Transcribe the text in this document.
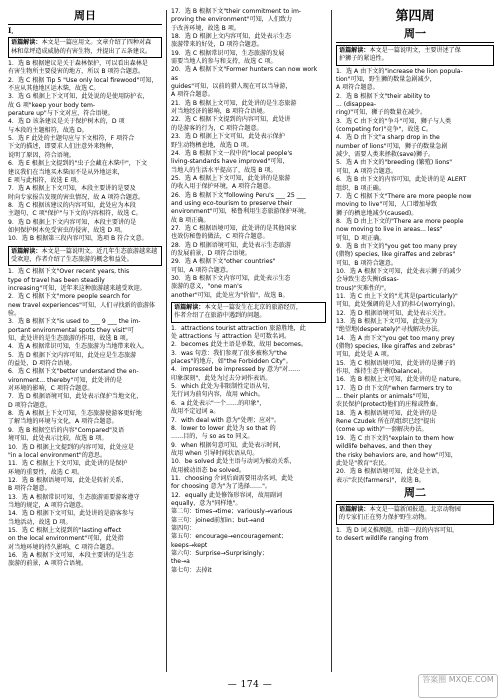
周日
I．
语篇解读：本文是一篇应用文。文章介绍了四种对森
林和草坪造成威胁的有害生物，并提出了五条建议。
1．选 B 根据建议是关于森林保护，可以看出森林是
有害生物所主要侵害的地方，所以 B 项符合题意。
2．选 C 根据 Tip 5 "Use only local firewood"可知，
不应从其他地区运木柴，故选 C。
3．选 G 根据上下文可知，此处说的是使用防护衣，
故 G 项"keep your body tem-
perature up"与下文对应，符合语境。
4．选 D 该条建议是关于保护树木的，D 项
与本段的主题相符，故选 D。
5．选 F 此处的主题句应与下文相符，F 项符合
下文的描述，即要求人们注意外来物种，
说明了原因，符合语境。
6．选 E 根据上文提到的"虫子会藏在木柴中"，下文
建议我们在当地买木柴而不是从外地运来，
E 项与此相符，故选 E 项。
7．选 A 根据上下文可知，本段主要讲的是要及
时向专家报告发现的害虫情况，故 A 项符合题意。
8．选 C 根据该建议的内容可知，此处应为本段
主题句，C 项"保护"与下文的内容相符，故选 C。
9．选 D 根据上下文内容可知，本段主要讲的是
如何保护树木免受害虫的侵害，故选 D 项。
10．选 B 根据第三段内容可知，选项 B 符合文意。
语篇解读：本文是一篇说明文。近几年生态旅游越来越
受欢迎，作者介绍了生态旅游的概念和益处。
1．选 C 根据下文"Over recent years, this
type of travel has been steadily
increasing"可知，近年来这种旅游越来越受欢迎。
2．选 C 根据下文"more people search for
new travel experiences"可知，人们寻找新的旅游体验。
3．选 B 根据下文"is used to ___ 9 ___ the im-
portant environmental spots they visit"可
知，此处讲的是生态旅游的作用，故选 B 项。
4．选 A 根据常识可知，生态旅游为当地带来收入。
5．选 D 根据下文内容可知，此处应是生态旅游
的益处，D 项符合语境。
6．选 C 根据下文"better understand the en-
vironment... thereby"可知，此处讲的是
对环境的影响，C 项符合题意。
7．选 D 根据语境可知，此处表示保护当地文化，
D 项符合题意。
8．选 A 根据上下文可知，生态旅游使游客更好地
了解当地的环境与文化，A 项符合题意。
9．选 B 根据空后的内容"Compared"及语
境可知，此处表示比较，故选 B 项。
10．选 D 根据上文提到的内容可知，此处应是
"in a local environment"的意思。
11．选 C 根据上下文可知，此处讲的是保护
环境的重要性，故选 C 项。
12．选 B 根据语境可知，此处是转折关系，
B 项符合题意。
13．选 A 根据常识可知，生态旅游需要游客遵守
当地的规定，A 项符合题意。
14．选 D 根据下文可知，此处讲的是游客参与
当地活动，故选 D 项。
15．选 C 根据上文提到的"lasting effect
on the local environment"可知，此处指
对当地环境的持久影响，C 项符合题意。
16．选 A 根据下文可知，本段主要讲的是生态
旅游的前景，A 项符合语境。
17．选 B 根据下文"their commitment to im-
proving the environment"可知，人们致力
于改善环境，故选 B 项。
18．选 D 根据上文内容可知，此处表示生态
旅游带来的好处，D 项符合题意。
19．选 C 根据常识可知，生态旅游的发展
需要当地人的参与和支持，故选 C 项。
20．选 A 根据下文"Former hunters can now work as
guides"可知，以前的猎人现在可以当导游，
A 项符合题意。
21．选 B 根据上文可知，此处讲的是生态旅游
对当地经济的影响，B 项符合语境。
22．选 C 根据下文提到的内容可知，此处讲
的是游客的行为，C 项符合题意。
23．选 D 根据上下文可知，此处表示保护
野生动物栖息地，故选 D 项。
24．选 B 根据下文一段中的"local people's
living-standards have improved"可知，
当地人的生活水平提高了，故选 B 项。
25．选 A 根据上下文可知，此处讲的是旅游
的收入用于保护环境，A 项符合题意。
26．选 B 根据下文"following Peru's ___ 25 ___
and using eco-tourism to preserve their
environment"可知，秘鲁利用生态旅游保护环境，
故 B 项正确。
27．选 C 根据语境可知，此处讲的是其他国家
也效仿秘鲁的做法，C 项符合题意。
28．选 D 根据语境可知，此处表示生态旅游
的发展前景，D 项符合语境。
29．选 A 根据下文"other countries"
可知，A 项符合题意。
30．选 B 根据下文内容可知，此处表示生态
旅游的意义，"one man's
another"可知，此处应为"价值"，故选 B。
语篇解读：本文是一篇发生在北京的旅游经历，
作者介绍了在旅游中遇到的问题。
1．attractions tourist attraction 旅游胜地，此
处 attractions 与 attraction 是可数名词。
2．becomes 此处主语是单数，故用 becomes。
3．was 句意：我们参观了很多被称为"the
places"的地方，如"the Forbidden City"。
4．impressed be impressed by 意为"对……
印象深刻"，此处为过去分词作表语。
5．which 此处为非限制性定语从句，
先行词为前句内容，故用 which。
6．a 此处表示"一个……的印象"，
故用不定冠词 a。
7．with deal with 意为"处理；应对"。
8．lower to lower 此处为 so that 的
……目的，与 so as to 同义。
9．when 根据句意可知，此处表示时间，
故用 when 引导时间状语从句。
10．be solved 此处主语与动词为被动关系，
故用被动语态 be solved。
11．choosing 介词后面需要用动名词，此处
for choosing 意为"为了选择……"。
12．equally 此处修饰形容词，故用副词
equally，意为"同样地"。
第二句：times→time；variously→various
第三句：joined前加in；but→and
第四句：
第五句：encourage→encouragement；
keeps→kept
第六句：Surprise→Surprisingly；
the→a
第七句：去掉it
第四周
周一
语篇解读：本文是一篇说明文，主要讲述了保
护狮子的紧迫性。
1．选 A 由下文的"increase the lion popula-
tion"可知，野生狮的数量急剧减少，
A 项符合题意。
2．选 B 根据下文"their ability to
... (disappea-
ring)"可知，狮子的数量在减少。
3．选 C 由下文的"争斗"可知，狮子与人类
(competing for)"竞争"，故选 C。
4．选 D 由下文"a sharp drop in the
number of lions"可知，狮子的数量急剧
减少，需要人类来拯救(save)狮子。
5．选 A 由下文的"breeding (繁殖) lions"
可知，A 项符合题意。
6．选 B 由下文的内容可知，此处讲的是 ALERT
组织，B 项正确。
7．选 C 根据下文"There are more people now
moving to live"可知，人口增加导致
狮子的栖息地减少(caused)。
8．选 D 由上下文的"There are more people
now moving to live in areas... less"
可知，D 项正确。
9．选 B 由下文的"you get too many prey
(猎物) species, like giraffes and zebras"
可知，B 项符合题意。
10．选 A 根据下文可知，此处表示狮子的减少
会导致生态失衡(disas-
trous)"灾难性的"。
11．选 C 由上下文的"尤其是(particularly)"
可知，此处强调的是人们的担心(worrying)。
12．选 D 根据语境可知，此处表示关注。
13．选 B 根据上下文可知，此处应为
"绝望地(desperately)"寻找解决办法。
14．选 A 由下文"you get too many prey
(猎物) species, like giraffes and zebras"
可知，此处是 A 项。
15．选 C 根据语境可知，此处讲的是狮子的
作用，维持生态平衡(balance)。
16．选 B 根据上文可知，此处讲的是 nature。
17．选 D 由下文的"when farmers try to
... their plants or animals"可知，
农民保护(protect)他们的庄稼或牲畜。
18．选 A 根据语境可知，此处讲的是
Rene Czudek 所在的组织已经"提出
(come up with)"一套解决办法。
19．选 C 由下文的"explain to them how
wildlife behaves, and then they
the risky behaviors are, and how"可知，
此处是"教育"农民。
20．选 B 根据语境可知，此处是主语，
表示"农民(farmers)"，故选 B。
周二
语篇解读：本文是一篇新闻报道。北京动物园
的专家们正在努力保护野生动物。
1．选 D 词义推测题。由第一段的内容可知，
to desert wildlife ranging from
— 174 —
答案圈 MXQE.COM
